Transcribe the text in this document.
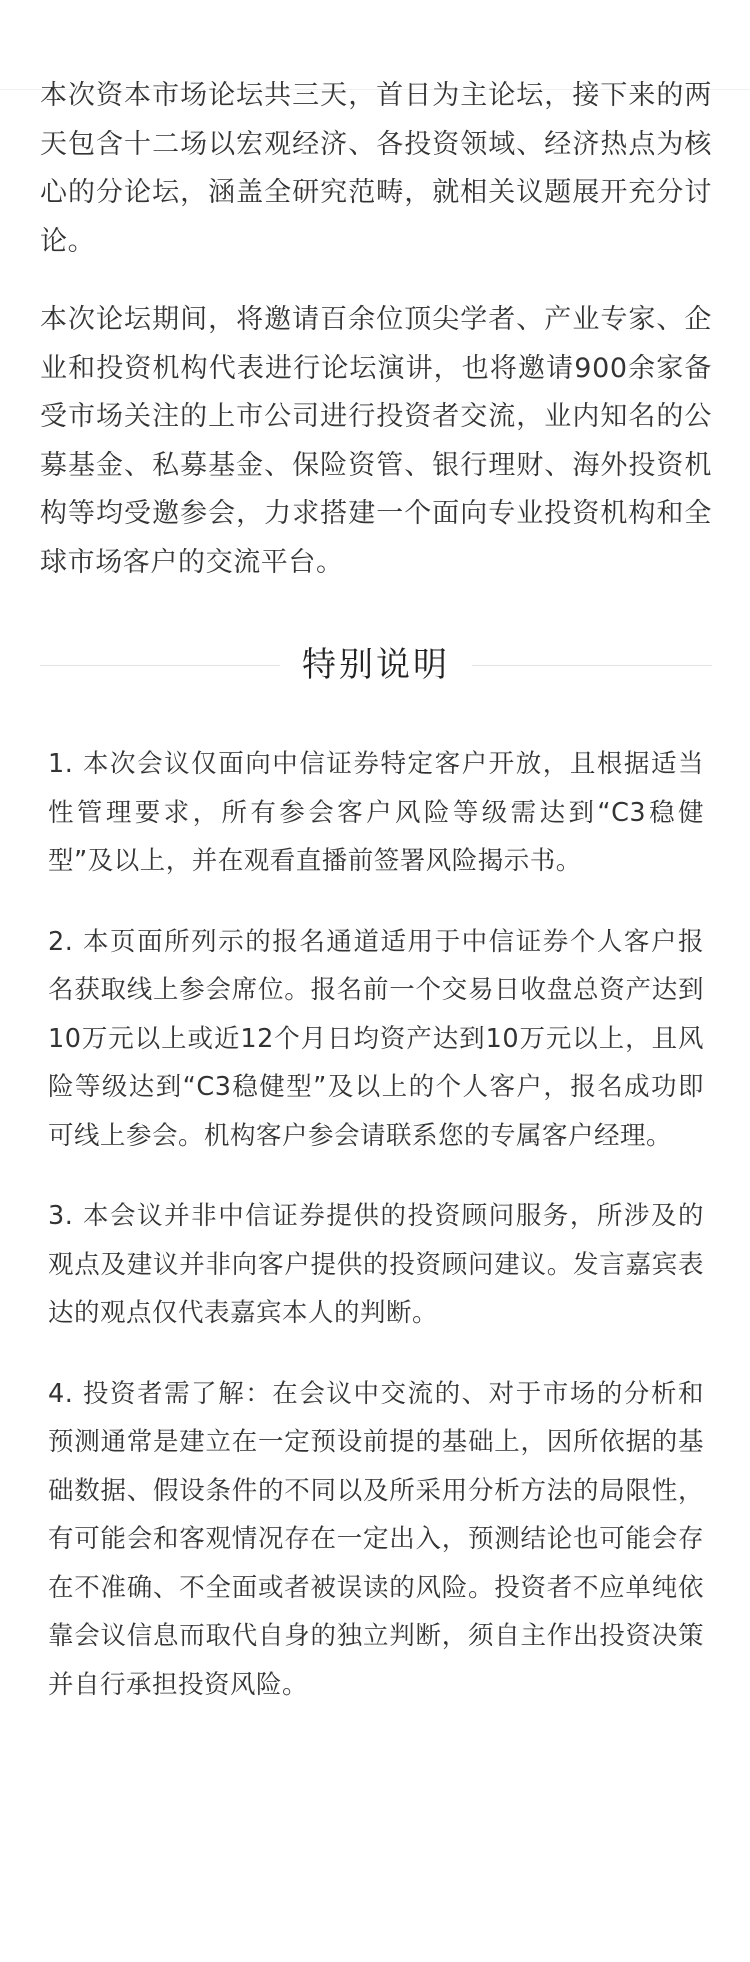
本次资本市场论坛共三天，首日为主论坛，接下来的两天包含十二场以宏观经济、各投资领域、经济热点为核心的分论坛，涵盖全研究范畴，就相关议题展开充分讨论。

本次论坛期间，将邀请百余位顶尖学者、产业专家、企业和投资机构代表进行论坛演讲，也将邀请900余家备受市场关注的上市公司进行投资者交流，业内知名的公募基金、私募基金、保险资管、银行理财、海外投资机构等均受邀参会，力求搭建一个面向专业投资机构和全球市场客户的交流平台。

特别说明

1. 本次会议仅面向中信证券特定客户开放，且根据适当性管理要求，所有参会客户风险等级需达到“C3稳健型”及以上，并在观看直播前签署风险揭示书。

2. 本页面所列示的报名通道适用于中信证券个人客户报名获取线上参会席位。报名前一个交易日收盘总资产达到10万元以上或近12个月日均资产达到10万元以上，且风险等级达到“C3稳健型”及以上的个人客户，报名成功即可线上参会。机构客户参会请联系您的专属客户经理。

3. 本会议并非中信证券提供的投资顾问服务，所涉及的观点及建议并非向客户提供的投资顾问建议。发言嘉宾表达的观点仅代表嘉宾本人的判断。

4. 投资者需了解：在会议中交流的、对于市场的分析和预测通常是建立在一定预设前提的基础上，因所依据的基础数据、假设条件的不同以及所采用分析方法的局限性，有可能会和客观情况存在一定出入，预测结论也可能会存在不准确、不全面或者被误读的风险。投资者不应单纯依靠会议信息而取代自身的独立判断，须自主作出投资决策并自行承担投资风险。
